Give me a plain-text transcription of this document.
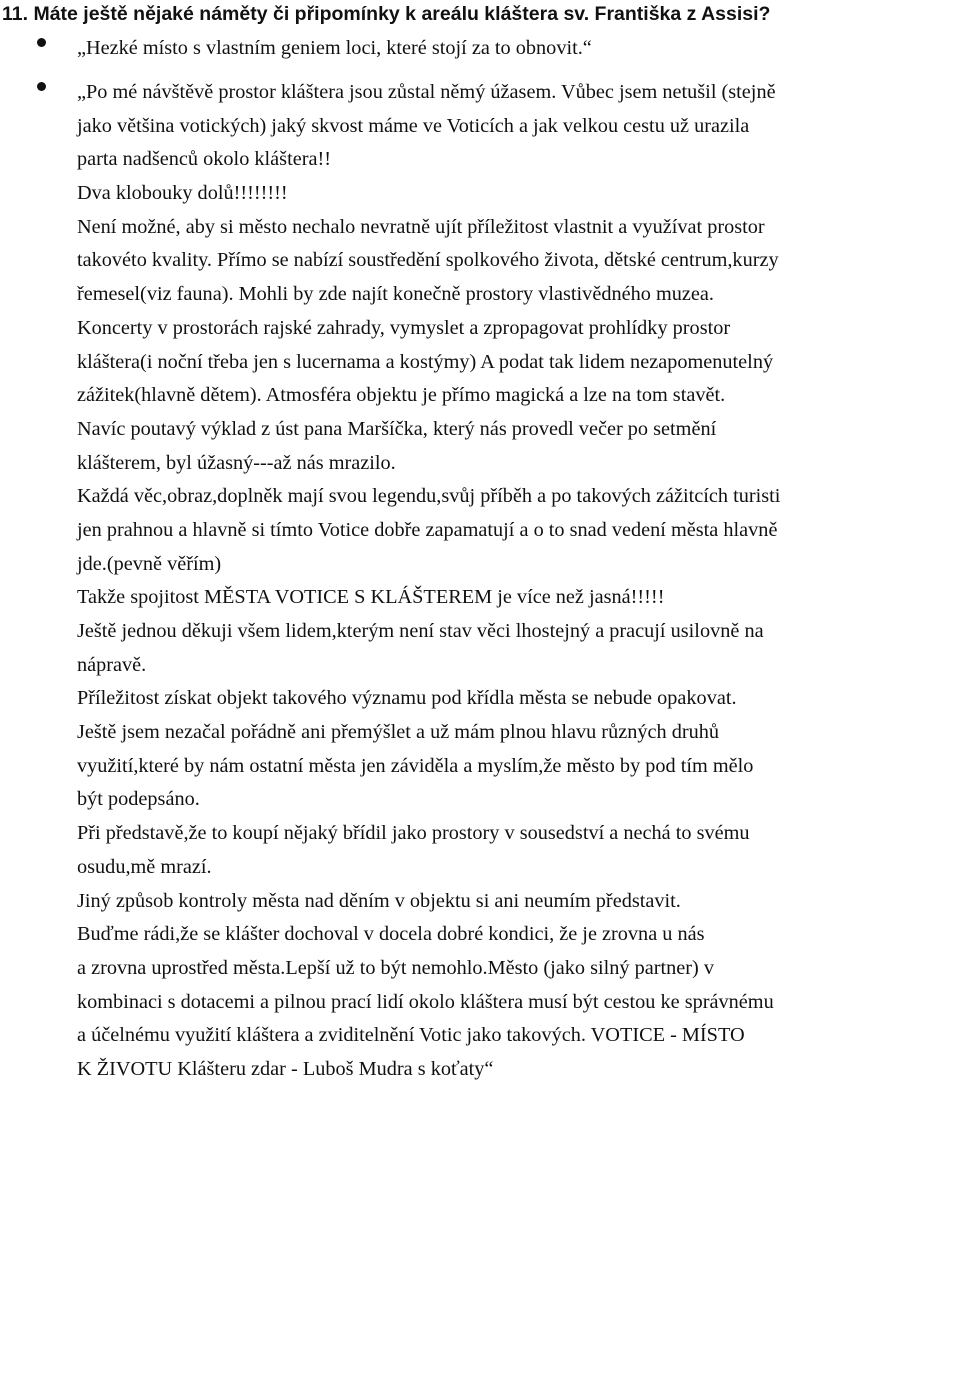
11. Máte ještě nějaké náměty či připomínky k areálu kláštera sv. Františka z Assisi?
„Hezké místo s vlastním geniem loci, které stojí za to obnovit.“
„Po mé návštěvě prostor kláštera jsou zůstal němý úžasem. Vůbec jsem netušil (stejně
jako většina votických) jaký skvost máme ve Voticích a jak velkou cestu už urazila
parta nadšenců okolo kláštera!!
Dva klobouky dolů!!!!!!!!
Není možné, aby si město nechalo nevratně ujít příležitost vlastnit a využívat prostor
takovéto kvality. Přímo se nabízí soustředění spolkového života, dětské centrum,kurzy
řemesel(viz fauna). Mohli by zde najít konečně prostory vlastivědného muzea.
Koncerty v prostorách rajské zahrady, vymyslet a zpropagovat prohlídky prostor
kláštera(i noční třeba jen s lucernama a kostýmy) A podat tak lidem nezapomenutelný
zážitek(hlavně dětem). Atmosféra objektu je přímo magická a lze na tom stavět.
Navíc poutavý výklad z úst pana Maršíčka, který nás provedl večer po setmění
klášterem, byl úžasný---až nás mrazilo.
Každá věc,obraz,doplněk mají svou legendu,svůj příběh a po takových zážitcích turisti
jen prahnou a hlavně si tímto Votice dobře zapamatují a o to snad vedení města hlavně
jde.(pevně věřím)
Takže spojitost MĚSTA VOTICE S KLÁŠTEREM je více než jasná!!!!!
Ještě jednou děkuji všem lidem,kterým není stav věci lhostejný a pracují usilovně na
nápravě.
Příležitost získat objekt takového významu pod křídla města se nebude opakovat.
Ještě jsem nezačal pořádně ani přemýšlet a už mám plnou hlavu různých druhů
využití,které by nám ostatní města jen záviděla a myslím,že město by pod tím mělo
být podepsáno.
Při představě,že to koupí nějaký břídil jako prostory v sousedství a nechá to svému
osudu,mě mrazí.
Jiný způsob kontroly města nad děním v objektu si ani neumím představit.
Buďme rádi,že se klášter dochoval v docela dobré kondici, že je zrovna u nás
a zrovna uprostřed města.Lepší už to být nemohlo.Město (jako silný partner) v
kombinaci s dotacemi a pilnou prací lidí okolo kláštera musí být cestou ke správnému
a účelnému využití kláštera a zviditelnění Votic jako takových. VOTICE - MÍSTO
K ŽIVOTU Klášteru zdar - Luboš Mudra s koťaty“
